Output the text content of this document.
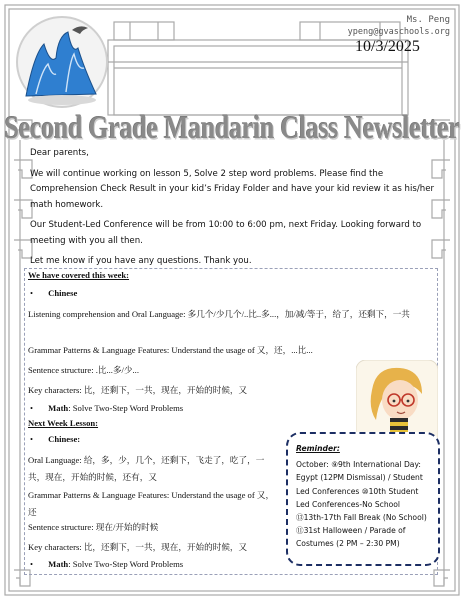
Ms. Peng
ypeng@gvaschools.org
10/3/2025
Second Grade Mandarin Class Newsletter

Dear parents,

We will continue working on lesson 5, Solve 2 step word problems. Please find the Comprehension Check Result in your kid’s Friday Folder and have your kid review it as his/her math homework.

Our Student-Led Conference will be from 10:00 to 6:00 pm, next Friday. Looking forward to meeting with you all then.

Let me know if you have any questions. Thank you.

We have covered this week:
• Chinese
Listening comprehension and Oral Language: 多几个/少几个/..比..多...，加/减/等于，给了，还剩下，一共
Grammar Patterns & Language Features: Understand the usage of 又，还，...比...
Sentence structure: .比...多/少...
Key characters: 比，还剩下，一共，现在，开始的时候，又
• Math: Solve Two-Step Word Problems
Next Week Lesson:
• Chinese:
Oral Language: 给，多，少，几个，还剩下，飞走了，吃了，一共，现在，开始的时候，还有，又
Grammar Patterns & Language Features: Understand the usage of 又，还
Sentence structure: 现在/开始的时候
Key characters: 比，还剩下，一共，现在，开始的时候，又
• Math: Solve Two-Step Word Problems
Reminder:
October: ⑨9th International Day: Egypt (12PM Dismissal) / Student Led Conferences ⑩10th Student Led Conferences-No School ⑬13th-17th Fall Break (No School) ⑪31st Halloween / Parade of Costumes (2 PM – 2:30 PM)
